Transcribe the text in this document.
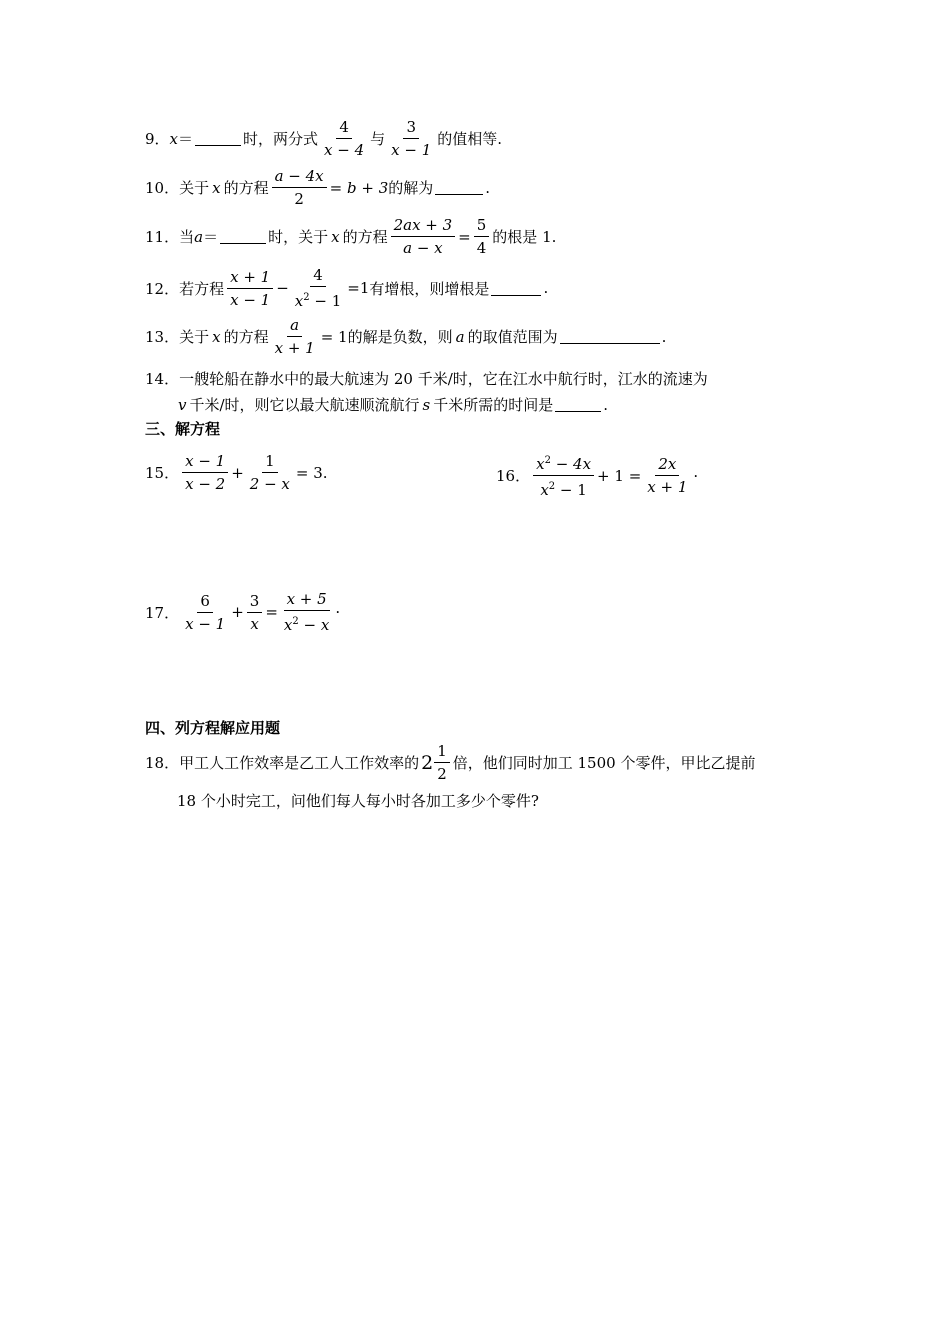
9． x ＝	时，两分式 $\frac{4}{x - 4}$ 与 $\frac{3}{x - 1}$ 的值相等.
10． 关于 x 的方程 $\frac{a - 4x}{2} = b + 3$ 的解为	.
11． 当 a ＝	时，关于 x 的方程 $\frac{2ax + 3}{a - x} = \frac{5}{4}$ 的根是 1.
12． 若方程 $\frac{x + 1}{x - 1} - \frac{4}{x^2 - 1} =1$ 有增根，则增根是	.
13． 关于 x 的方程 $\frac{a}{x + 1} = 1$ 的解是负数，则 a 的取值范围为	.
14． 一艘轮船在静水中的最大航速为 20 千米/时，它在江水中航行时，江水的流速为
v 千米/时，则它以最大航速顺流航行 s 千米所需的时间是	.
三、解方程
15． $\frac{x - 1}{x - 2} + \frac{1}{2 - x} = 3$.	16． $\frac{x^2 - 4x}{x^2 - 1} + 1 = \frac{2x}{x + 1}$ ·
17． $\frac{6}{x - 1} + \frac{3}{x} = \frac{x + 5}{x^2 - x}$ ·
四、列方程解应用题
18． 甲工人工作效率是乙工人工作效率的 $2 \frac{1}{2}$ 倍，他们同时加工 1500 个零件，甲比乙提前
18 个小时完工，问他们每人每小时各加工多少个零件?
